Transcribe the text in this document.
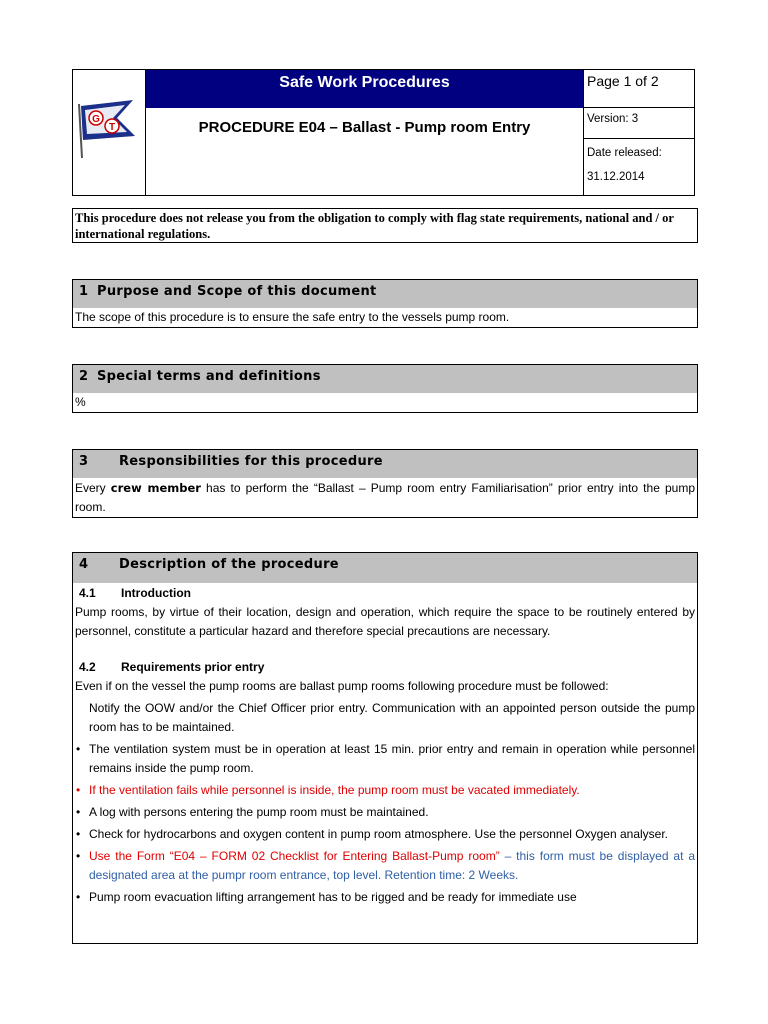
G
T
Safe Work Procedures
PROCEDURE E04 – Ballast - Pump room Entry
Page 1 of 2
Version: 3
Date released:
31.12.2014
This procedure does not release you from the obligation to comply with flag state requirements, national and / or international regulations.
1 Purpose and Scope of this document
The scope of this procedure is to ensure the safe entry to the vessels pump room.
2 Special terms and definitions
%
3 Responsibilities for this procedure
Every crew member has to perform the “Ballast – Pump room entry Familiarisation” prior entry into the pump room.
4 Description of the procedure
4.1 Introduction
Pump rooms, by virtue of their location, design and operation, which require the space to be routinely entered by personnel, constitute a particular hazard and therefore special precautions are necessary.
4.2 Requirements prior entry
Even if on the vessel the pump rooms are ballast pump rooms following procedure must be followed:
Notify the OOW and/or the Chief Officer prior entry. Communication with an appointed person outside the pump room has to be maintained.
• The ventilation system must be in operation at least 15 min. prior entry and remain in operation while personnel remains inside the pump room.
• If the ventilation fails while personnel is inside, the pump room must be vacated immediately.
• A log with persons entering the pump room must be maintained.
• Check for hydrocarbons and oxygen content in pump room atmosphere. Use the personnel Oxygen analyser.
• Use the Form “E04 – FORM 02 Checklist for Entering Ballast-Pump room” – this form must be displayed at a designated area at the pumpr room entrance, top level. Retention time: 2 Weeks.
• Pump room evacuation lifting arrangement has to be rigged and be ready for immediate use
